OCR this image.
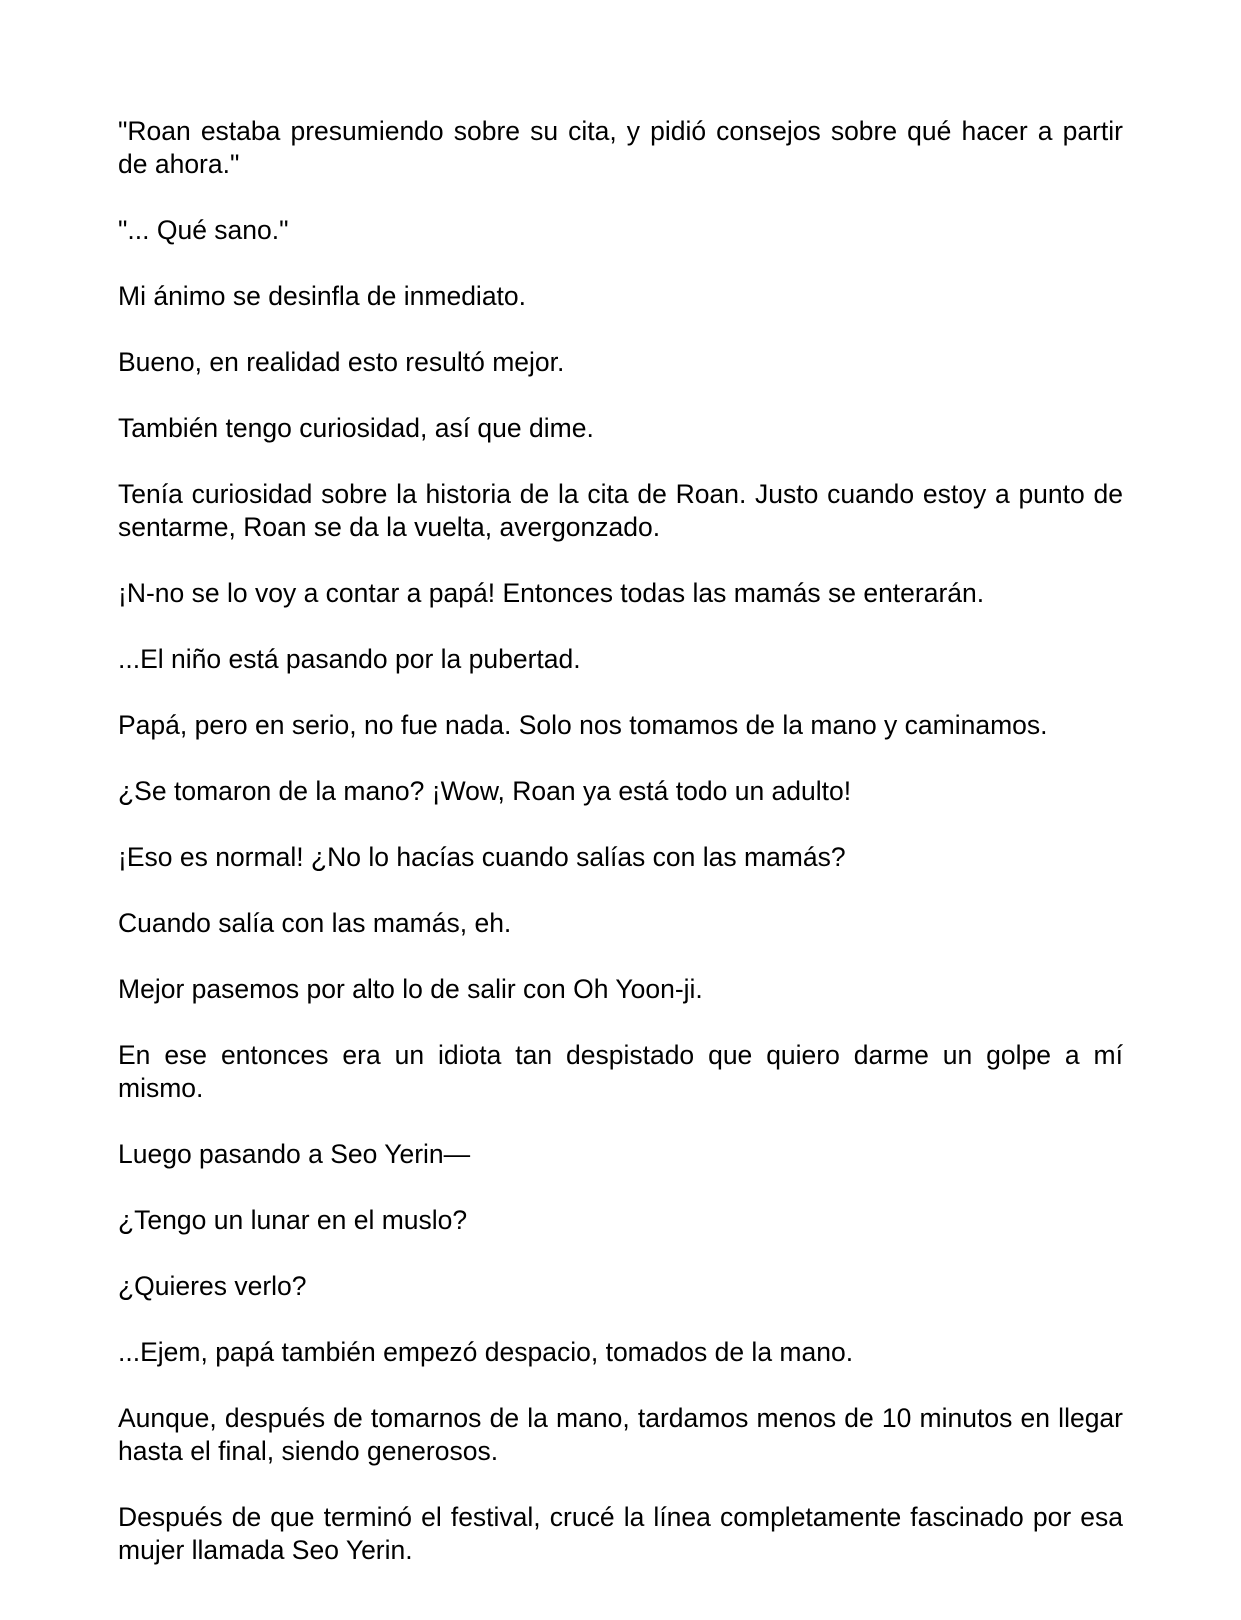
"Roan estaba presumiendo sobre su cita, y pidió consejos sobre qué hacer a partir de ahora."

"... Qué sano."

Mi ánimo se desinfla de inmediato.

Bueno, en realidad esto resultó mejor.

También tengo curiosidad, así que dime.

Tenía curiosidad sobre la historia de la cita de Roan. Justo cuando estoy a punto de sentarme, Roan se da la vuelta, avergonzado.

¡N-no se lo voy a contar a papá! Entonces todas las mamás se enterarán.

...El niño está pasando por la pubertad.

Papá, pero en serio, no fue nada. Solo nos tomamos de la mano y caminamos.

¿Se tomaron de la mano? ¡Wow, Roan ya está todo un adulto!

¡Eso es normal! ¿No lo hacías cuando salías con las mamás?

Cuando salía con las mamás, eh.

Mejor pasemos por alto lo de salir con Oh Yoon-ji.

En ese entonces era un idiota tan despistado que quiero darme un golpe a mí mismo.

Luego pasando a Seo Yerin—

¿Tengo un lunar en el muslo?

¿Quieres verlo?

...Ejem, papá también empezó despacio, tomados de la mano.

Aunque, después de tomarnos de la mano, tardamos menos de 10 minutos en llegar hasta el final, siendo generosos.

Después de que terminó el festival, crucé la línea completamente fascinado por esa mujer llamada Seo Yerin.
